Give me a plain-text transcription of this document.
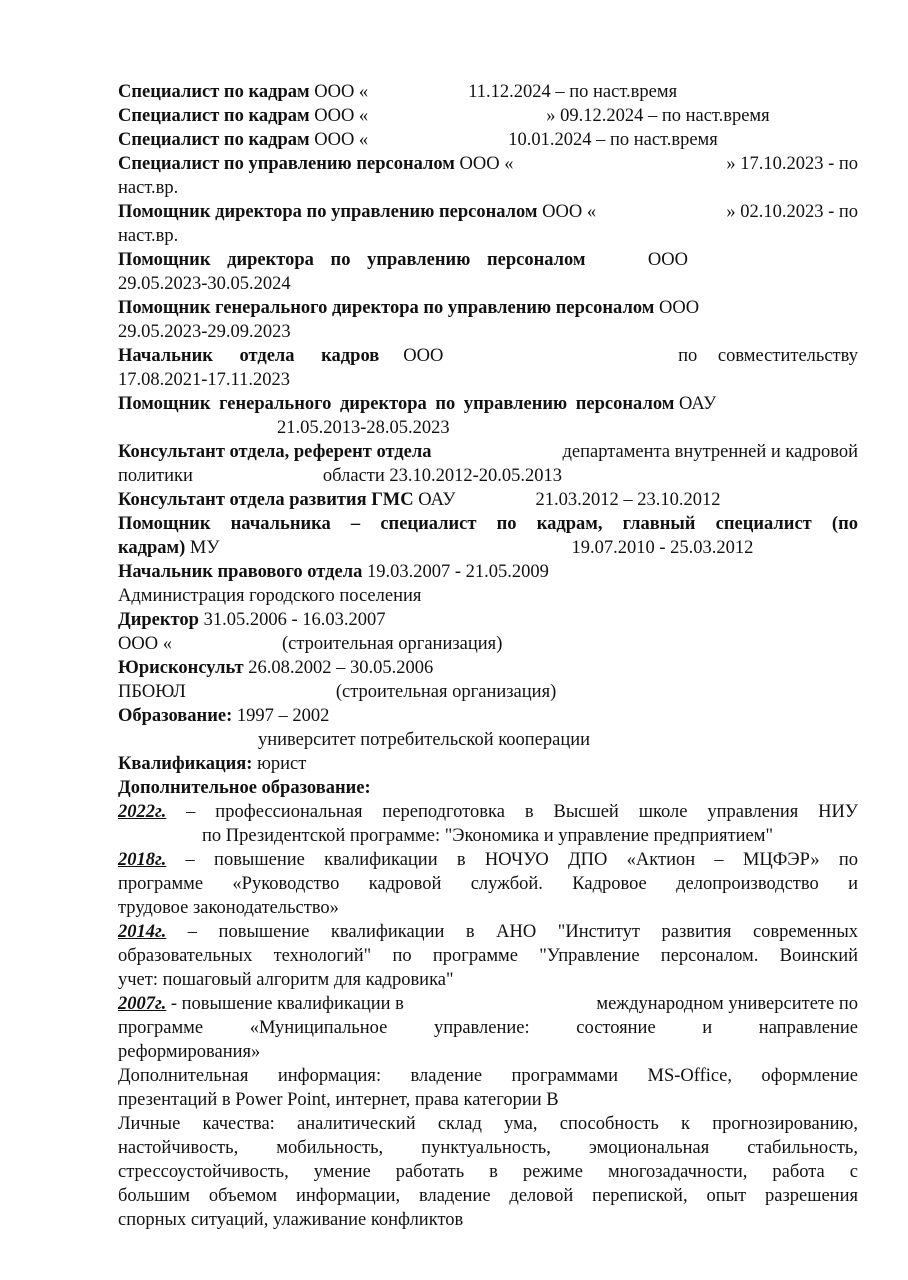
Специалист по кадрам ООО «	11.12.2024 – по наст.время
Специалист по кадрам ООО «	» 09.12.2024 – по наст.время
Специалист по кадрам ООО «	10.01.2024 – по наст.время
Специалист по управлению персоналом ООО «	» 17.10.2023 - по
наст.вр.
Помощник директора по управлению персоналом ООО «	» 02.10.2023 - по
наст.вр.
Помощник директора по управлению персоналом	ООО
29.05.2023-30.05.2024
Помощник генерального директора по управлению персоналом ООО
29.05.2023-29.09.2023
Начальник отдела кадров ООО	по совместительству
17.08.2021-17.11.2023
Помощник генерального директора по управлению персоналом ОАУ
21.05.2013-28.05.2023
Консультант отдела, референт отдела	департамента внутренней и кадровой
политики	области 23.10.2012-20.05.2013
Консультант отдела развития ГМС ОАУ	21.03.2012 – 23.10.2012
Помощник начальника – специалист по кадрам, главный специалист (по
кадрам) МУ	19.07.2010 - 25.03.2012
Начальник правового отдела 19.03.2007 - 21.05.2009
Администрация городского поселения
Директор 31.05.2006 - 16.03.2007
ООО «	(строительная организация)
Юрисконсульт 26.08.2002 – 30.05.2006
ПБОЮЛ	(строительная организация)
Образование: 1997 – 2002
университет потребительской кооперации
Квалификация: юрист
Дополнительное образование:
2022г. – профессиональная переподготовка в Высшей школе управления НИУ
по Президентской программе: "Экономика и управление предприятием"
2018г. – повышение квалификации в НОЧУО ДПО «Актион – МЦФЭР» по
программе «Руководство кадровой службой. Кадровое делопроизводство и
трудовое законодательство»
2014г. – повышение квалификации в АНО "Институт развития современных
образовательных технологий" по программе "Управление персоналом. Воинский
учет: пошаговый алгоритм для кадровика"
2007г. - повышение квалификации в	международном университете по
программе «Муниципальное управление: состояние и направление
реформирования»
Дополнительная информация: владение программами MS-Office, оформление
презентаций в Power Point, интернет, права категории В
Личные качества: аналитический склад ума, способность к прогнозированию,
настойчивость, мобильность, пунктуальность, эмоциональная стабильность,
стрессоустойчивость, умение работать в режиме многозадачности, работа с
большим объемом информации, владение деловой перепиской, опыт разрешения
спорных ситуаций, улаживание конфликтов
